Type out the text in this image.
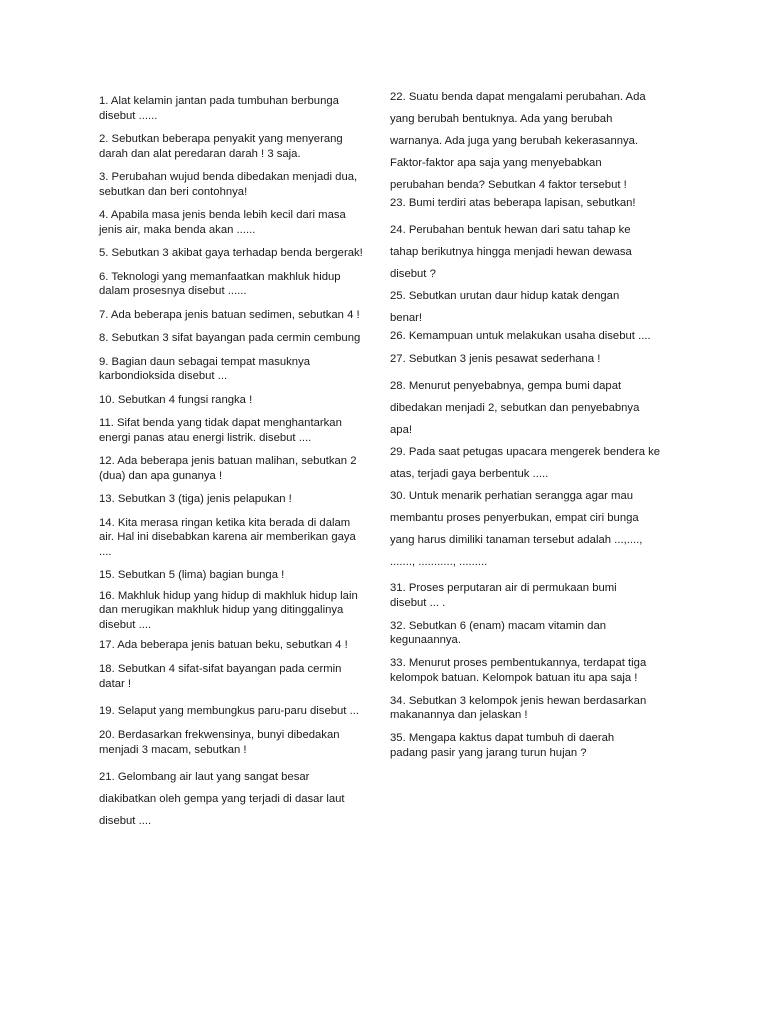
1. Alat kelamin jantan pada tumbuhan berbunga
disebut ......
2. Sebutkan beberapa penyakit yang menyerang
darah dan alat peredaran darah ! 3 saja.
3. Perubahan wujud benda dibedakan menjadi dua,
sebutkan dan beri contohnya!
4. Apabila masa jenis benda lebih kecil dari masa
jenis air, maka benda akan ......
5. Sebutkan 3 akibat gaya terhadap benda bergerak!
6. Teknologi yang memanfaatkan makhluk hidup
dalam prosesnya disebut ......
7. Ada beberapa jenis batuan sedimen, sebutkan 4 !
8. Sebutkan 3 sifat bayangan pada cermin cembung
9. Bagian daun sebagai tempat masuknya
karbondioksida disebut ...
10. Sebutkan 4 fungsi rangka !
11. Sifat benda yang tidak dapat menghantarkan
energi panas atau energi listrik. disebut ....
12. Ada beberapa jenis batuan malihan, sebutkan 2
(dua) dan apa gunanya !
13. Sebutkan 3 (tiga) jenis pelapukan !
14. Kita merasa ringan ketika kita berada di dalam
air. Hal ini disebabkan karena air memberikan gaya
....
15. Sebutkan 5 (lima) bagian bunga !
16. Makhluk hidup yang hidup di makhluk hidup lain
dan merugikan makhluk hidup yang ditinggalinya
disebut ....
17. Ada beberapa jenis batuan beku, sebutkan 4 !
18. Sebutkan 4 sifat-sifat bayangan pada cermin
datar !
19. Selaput yang membungkus paru-paru disebut ...
20. Berdasarkan frekwensinya, bunyi dibedakan
menjadi 3 macam, sebutkan !
21. Gelombang air laut yang sangat besar
diakibatkan oleh gempa yang terjadi di dasar laut
disebut ....
22. Suatu benda dapat mengalami perubahan. Ada
yang berubah bentuknya. Ada yang berubah
warnanya. Ada juga yang berubah kekerasannya.
Faktor-faktor apa saja yang menyebabkan
perubahan benda? Sebutkan 4 faktor tersebut !
23. Bumi terdiri atas beberapa lapisan, sebutkan!
24. Perubahan bentuk hewan dari satu tahap ke
tahap berikutnya hingga menjadi hewan dewasa
disebut ?
25. Sebutkan urutan daur hidup katak dengan
benar!
26. Kemampuan untuk melakukan usaha disebut ....
27. Sebutkan 3 jenis pesawat sederhana !
28. Menurut penyebabnya, gempa bumi dapat
dibedakan menjadi 2, sebutkan dan penyebabnya
apa!
29. Pada saat petugas upacara mengerek bendera ke
atas, terjadi gaya berbentuk .....
30. Untuk menarik perhatian serangga agar mau
membantu proses penyerbukan, empat ciri bunga
yang harus dimiliki tanaman tersebut adalah ...,....,
......., ..........., .........
31. Proses perputaran air di permukaan bumi
disebut ... .
32. Sebutkan 6 (enam) macam vitamin dan
kegunaannya.
33. Menurut proses pembentukannya, terdapat tiga
kelompok batuan. Kelompok batuan itu apa saja !
34. Sebutkan 3 kelompok jenis hewan berdasarkan
makanannya dan jelaskan !
35. Mengapa kaktus dapat tumbuh di daerah
padang pasir yang jarang turun hujan ?
